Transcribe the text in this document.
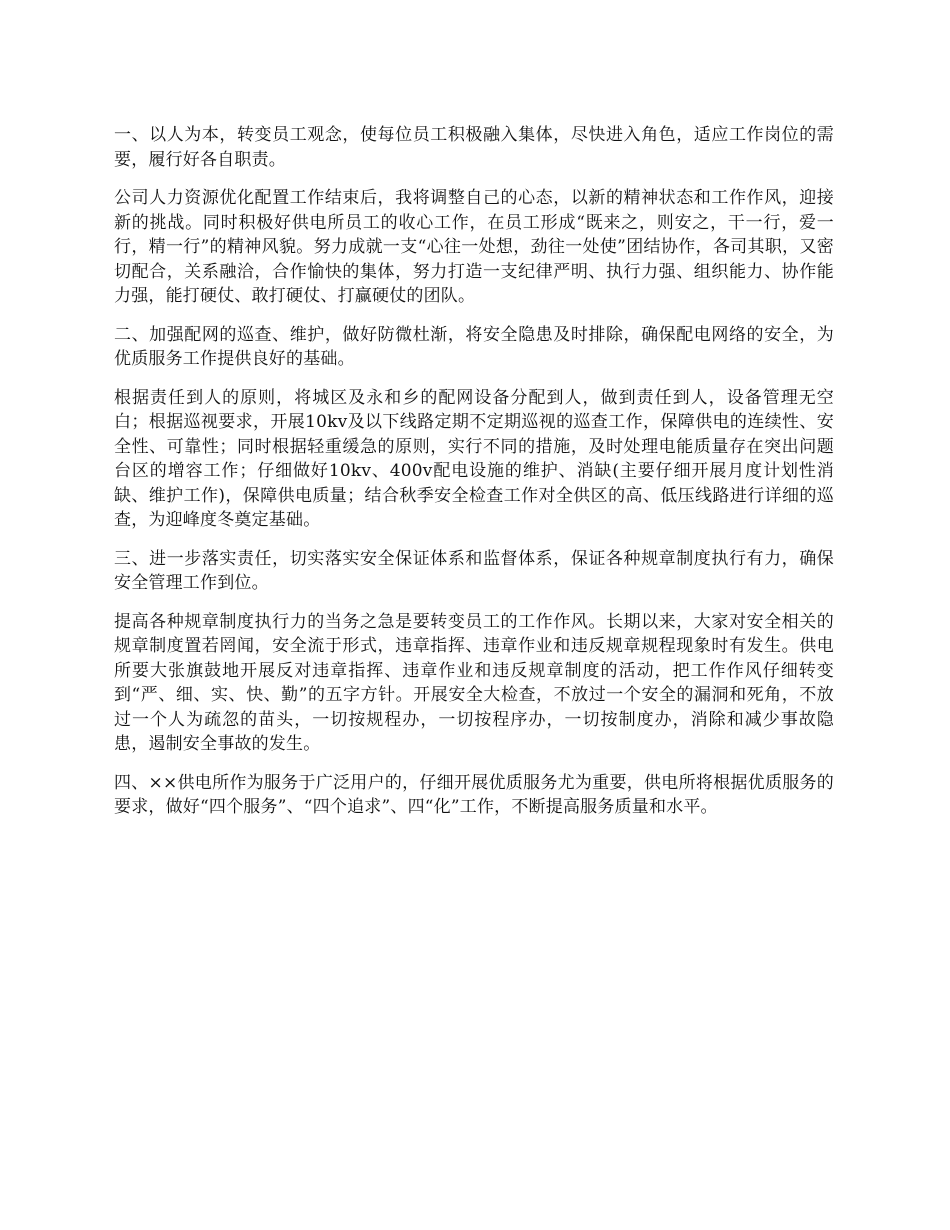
一、以人为本，转变员工观念，使每位员工积极融入集体，尽快进入角色，适应工作岗位的需要，履行好各自职责。

公司人力资源优化配置工作结束后，我将调整自己的心态，以新的精神状态和工作作风，迎接新的挑战。同时积极好供电所员工的收心工作，在员工形成“既来之，则安之，干一行，爱一行，精一行”的精神风貌。努力成就一支“心往一处想，劲往一处使”团结协作，各司其职，又密切配合，关系融洽，合作愉快的集体，努力打造一支纪律严明、执行力强、组织能力、协作能力强，能打硬仗、敢打硬仗、打赢硬仗的团队。

二、加强配网的巡查、维护，做好防微杜渐，将安全隐患及时排除，确保配电网络的安全，为优质服务工作提供良好的基础。

根据责任到人的原则，将城区及永和乡的配网设备分配到人，做到责任到人，设备管理无空白；根据巡视要求，开展10kv及以下线路定期不定期巡视的巡查工作，保障供电的连续性、安全性、可靠性；同时根据轻重缓急的原则，实行不同的措施，及时处理电能质量存在突出问题台区的增容工作；仔细做好10kv、400v配电设施的维护、消缺(主要仔细开展月度计划性消缺、维护工作)，保障供电质量；结合秋季安全检查工作对全供区的高、低压线路进行详细的巡查，为迎峰度冬奠定基础。

三、进一步落实责任，切实落实安全保证体系和监督体系，保证各种规章制度执行有力，确保安全管理工作到位。

提高各种规章制度执行力的当务之急是要转变员工的工作作风。长期以来，大家对安全相关的规章制度置若罔闻，安全流于形式，违章指挥、违章作业和违反规章规程现象时有发生。供电所要大张旗鼓地开展反对违章指挥、违章作业和违反规章制度的活动，把工作作风仔细转变到“严、细、实、快、勤”的五字方针。开展安全大检查，不放过一个安全的漏洞和死角，不放过一个人为疏忽的苗头，一切按规程办，一切按程序办，一切按制度办，消除和减少事故隐患，遏制安全事故的发生。

四、××供电所作为服务于广泛用户的，仔细开展优质服务尤为重要，供电所将根据优质服务的要求，做好“四个服务”、“四个追求”、四“化”工作，不断提高服务质量和水平。
